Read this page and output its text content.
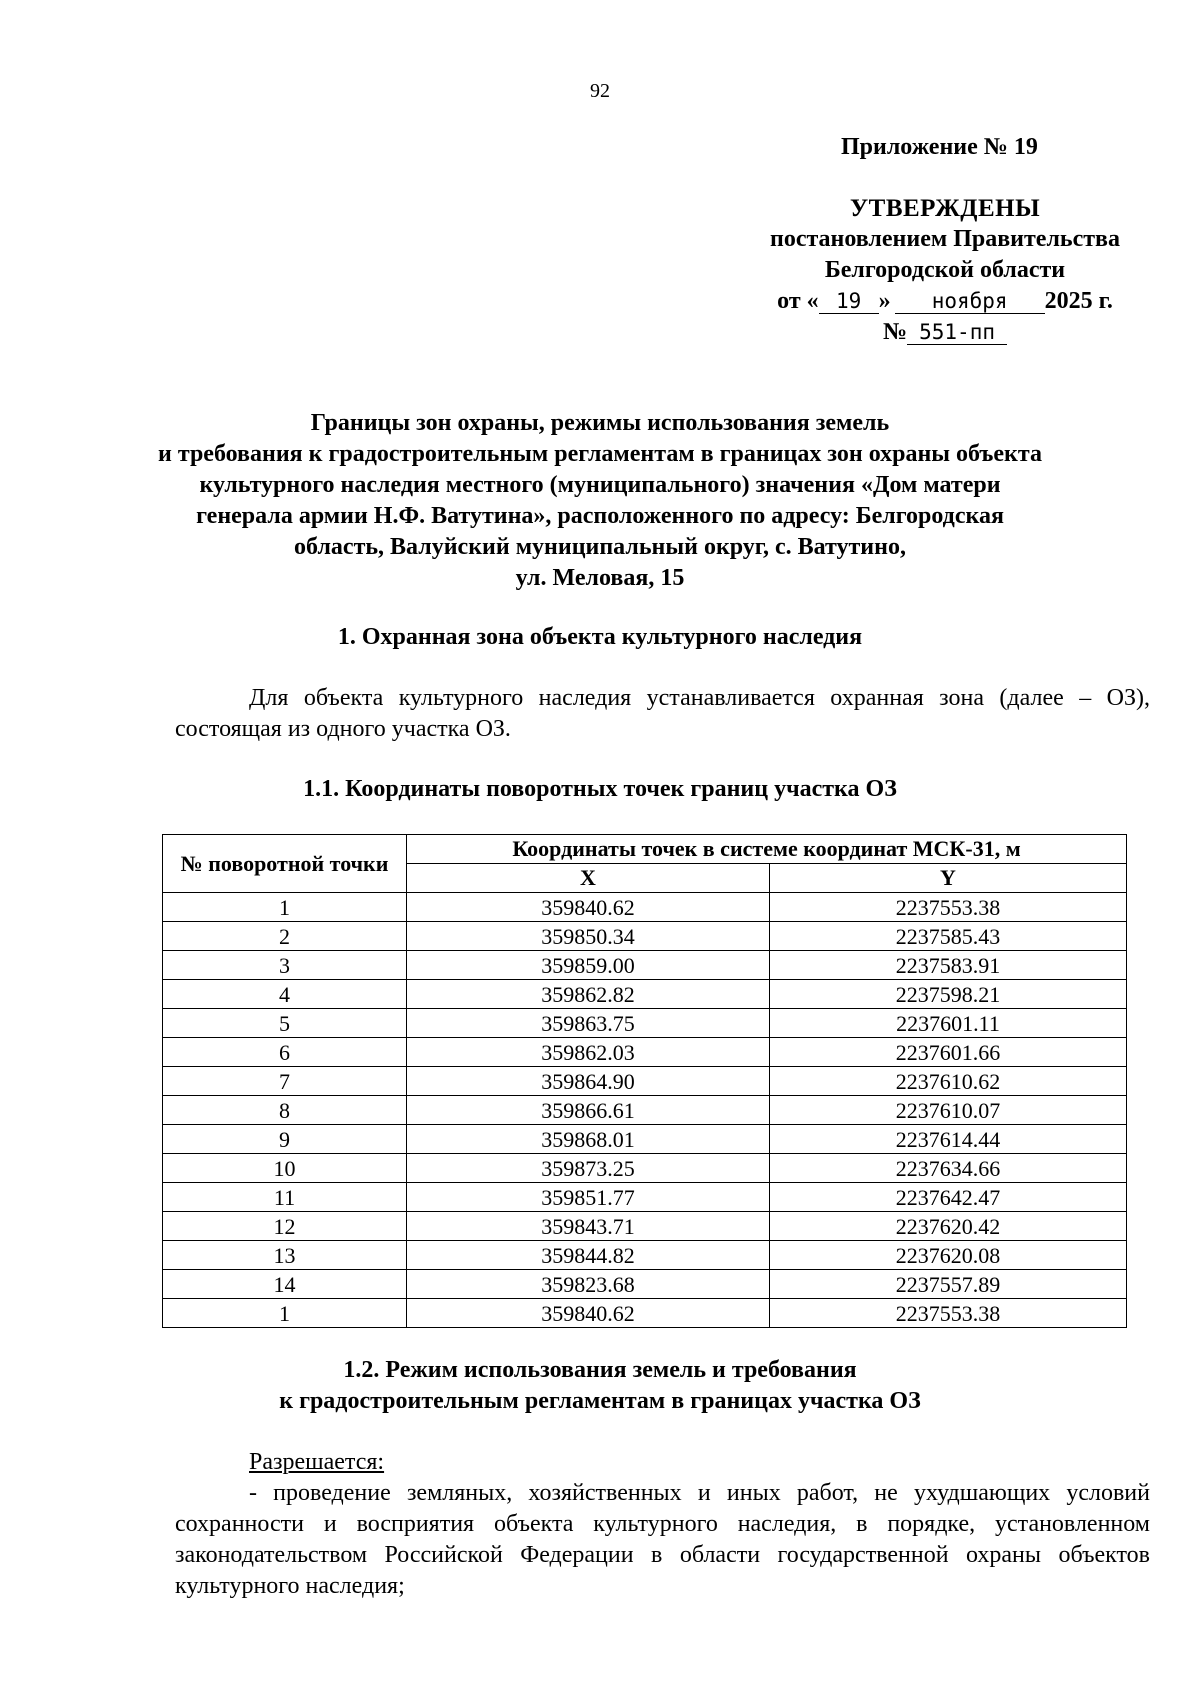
92
Приложение № 19
УТВЕРЖДЕНЫ
постановлением Правительства
Белгородской области
от « 19 » ноября 2025 г.
№ 551-пп
Границы зон охраны, режимы использования земель
и требования к градостроительным регламентам в границах зон охраны объекта
культурного наследия местного (муниципального) значения «Дом матери
генерала армии Н.Ф. Ватутина», расположенного по адресу: Белгородская
область, Валуйский муниципальный округ, с. Ватутино,
ул. Меловая, 15
1. Охранная зона объекта культурного наследия
Для объекта культурного наследия устанавливается охранная зона (далее – ОЗ), состоящая из одного участка ОЗ.
1.1. Координаты поворотных точек границ участка ОЗ
№ поворотной точки	Координаты точек в системе координат МСК-31, м	
	X	Y
1	359840.62	2237553.38
2	359850.34	2237585.43
3	359859.00	2237583.91
4	359862.82	2237598.21
5	359863.75	2237601.11
6	359862.03	2237601.66
7	359864.90	2237610.62
8	359866.61	2237610.07
9	359868.01	2237614.44
10	359873.25	2237634.66
11	359851.77	2237642.47
12	359843.71	2237620.42
13	359844.82	2237620.08
14	359823.68	2237557.89
1	359840.62	2237553.38
1.2. Режим использования земель и требования
к градостроительным регламентам в границах участка ОЗ
Разрешается:
- проведение земляных, хозяйственных и иных работ, не ухудшающих условий сохранности и восприятия объекта культурного наследия, в порядке, установленном законодательством Российской Федерации в области государственной охраны объектов культурного наследия;
